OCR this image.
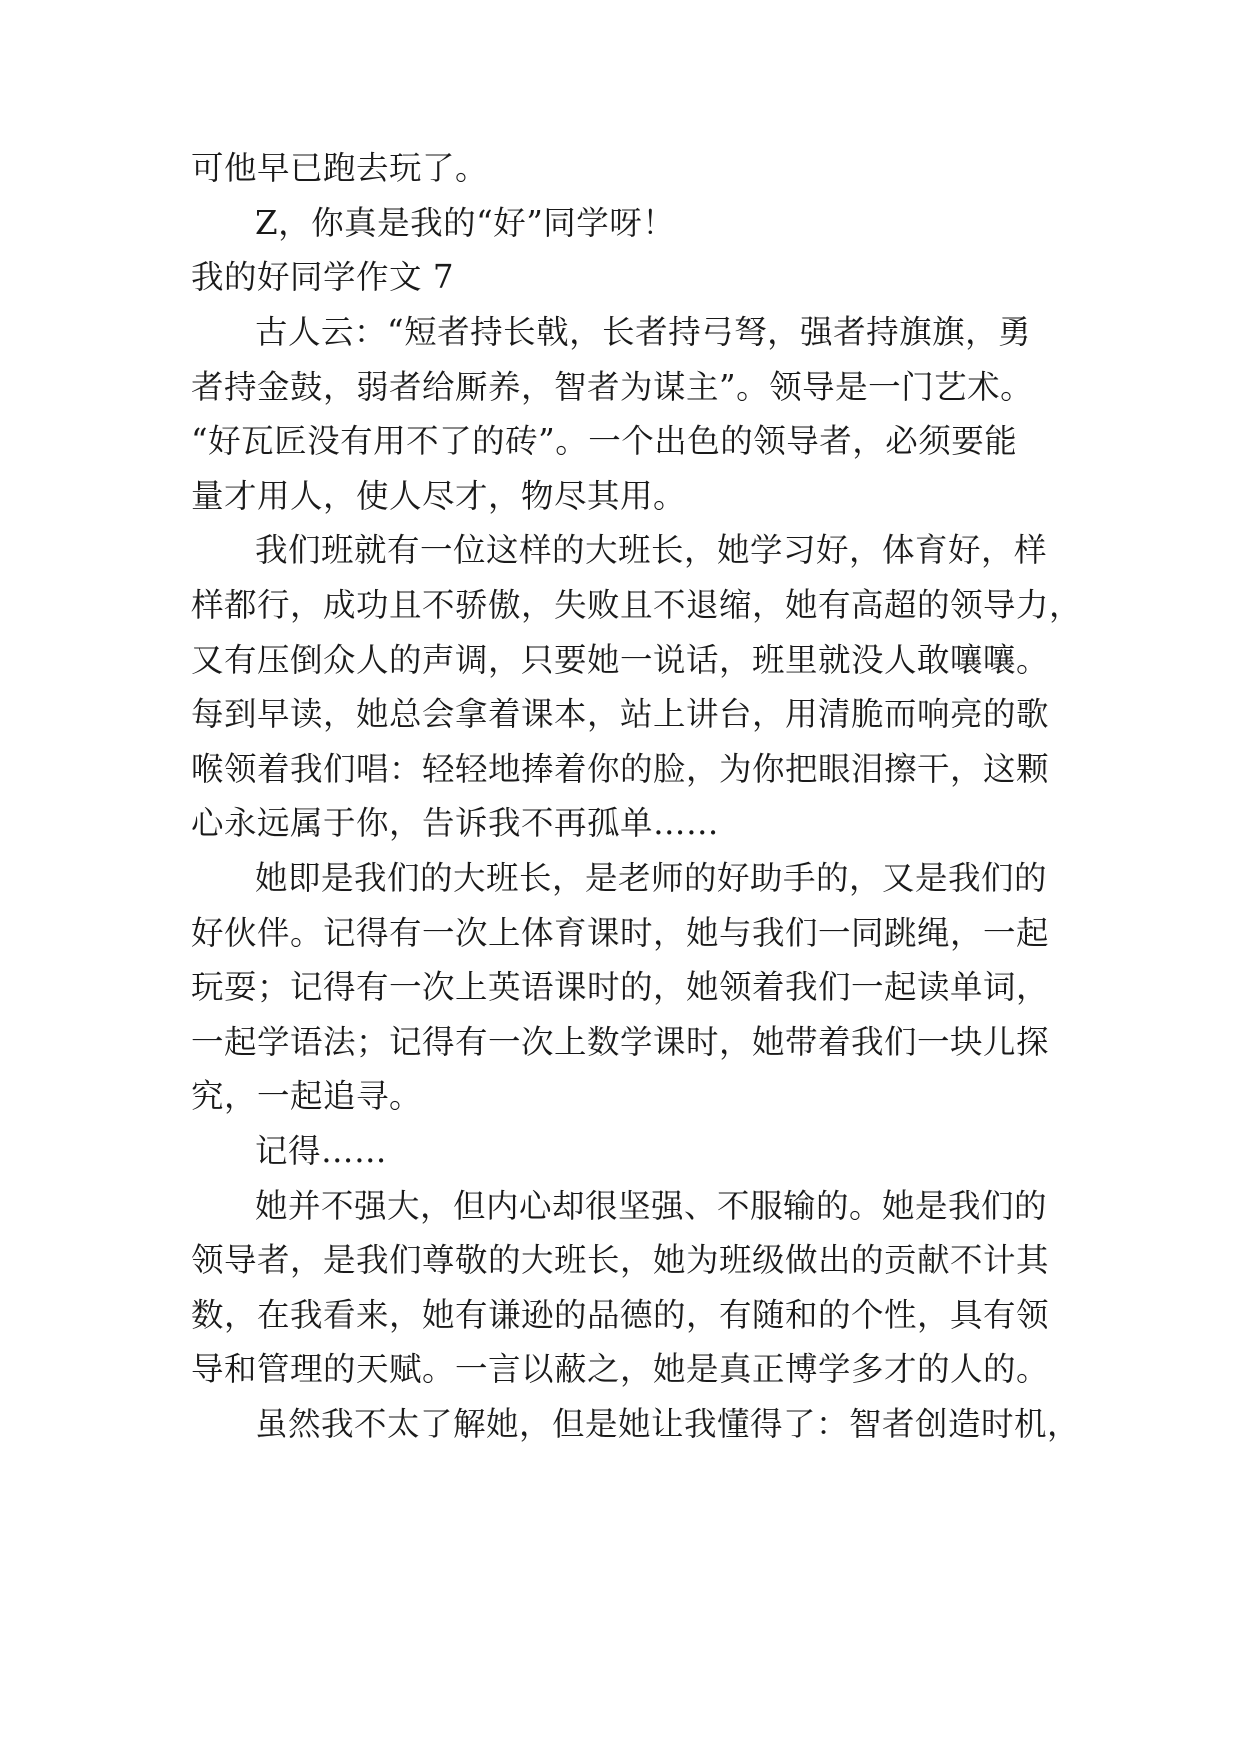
可他早已跑去玩了。
Z，你真是我的“好”同学呀！
我的好同学作文 7
古人云：“短者持长戟，长者持弓弩，强者持旗旗，勇
者持金鼓，弱者给厮养，智者为谋主”。领导是一门艺术。
“好瓦匠没有用不了的砖”。一个出色的领导者，必须要能
量才用人，使人尽才，物尽其用。
我们班就有一位这样的大班长，她学习好，体育好，样
样都行，成功且不骄傲，失败且不退缩，她有高超的领导力，
又有压倒众人的声调，只要她一说话，班里就没人敢嚷嚷。
每到早读，她总会拿着课本，站上讲台，用清脆而响亮的歌
喉领着我们唱：轻轻地捧着你的脸，为你把眼泪擦干，这颗
心永远属于你，告诉我不再孤单……
她即是我们的大班长，是老师的好助手的，又是我们的
好伙伴。记得有一次上体育课时，她与我们一同跳绳，一起
玩耍；记得有一次上英语课时的，她领着我们一起读单词，
一起学语法；记得有一次上数学课时，她带着我们一块儿探
究，一起追寻。
记得……
她并不强大，但内心却很坚强、不服输的。她是我们的
领导者，是我们尊敬的大班长，她为班级做出的贡献不计其
数，在我看来，她有谦逊的品德的，有随和的个性，具有领
导和管理的天赋。一言以蔽之，她是真正博学多才的人的。
虽然我不太了解她，但是她让我懂得了：智者创造时机，
